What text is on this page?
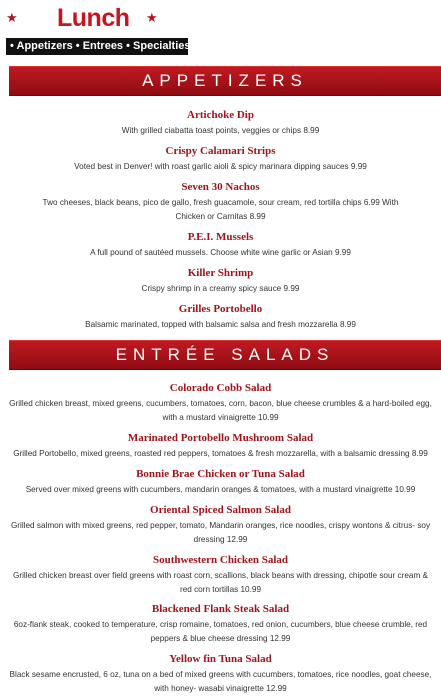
★ Lunch ★
• Appetizers • Entrees • Specialties
APPETIZERS
Artichoke Dip
With grilled ciabatta toast points, veggies or chips 8.99
Crispy Calamari Strips
Voted best in Denver! with roast garlic aioli & spicy marinara dipping sauces 9.99
Seven 30 Nachos
Two cheeses, black beans, pico de gallo, fresh guacamole, sour cream, red tortilla chips 6.99 With Chicken or Carnitas 8.99
P.E.I. Mussels
A full pound of sautéed mussels. Choose white wine garlic or Asian 9.99
Killer Shrimp
Crispy shrimp in a creamy spicy sauce 9.99
Grilles Portobello
Balsamic marinated, topped with balsamic salsa and fresh mozzarella 8.99
ENTRÉE SALADS
Colorado Cobb Salad
Grilled chicken breast, mixed greens, cucumbers, tomatoes, corn, bacon, blue cheese crumbles & a hard-boiled egg, with a mustard vinaigrette 10.99
Marinated Portobello Mushroom Salad
Grilled Portobello, mixed greens, roasted red peppers, tomatoes & fresh mozzarella, with a balsamic dressing 8.99
Bonnie Brae Chicken or Tuna Salad
Served over mixed greens with cucumbers, mandarin oranges & tomatoes, with a mustard vinaigrette 10.99
Oriental Spiced Salmon Salad
Grilled salmon with mixed greens, red pepper, tomato, Mandarin oranges, rice noodles, crispy wontons & citrus- soy dressing 12.99
Southwestern Chicken Salad
Grilled chicken breast over field greens with roast corn, scallions, black beans with dressing, chipotle sour cream & red corn tortillas 10.99
Blackened Flank Steak Salad
6oz-flank steak, cooked to temperature, crisp romaine, tomatoes, red onion, cucumbers, blue cheese crumble, red peppers & blue cheese dressing 12.99
Yellow fin Tuna Salad
Black sesame encrusted, 6 oz, tuna on a bed of mixed greens with cucumbers, tomatoes, rice noodles, goat cheese, with honey- wasabi vinaigrette 12.99
